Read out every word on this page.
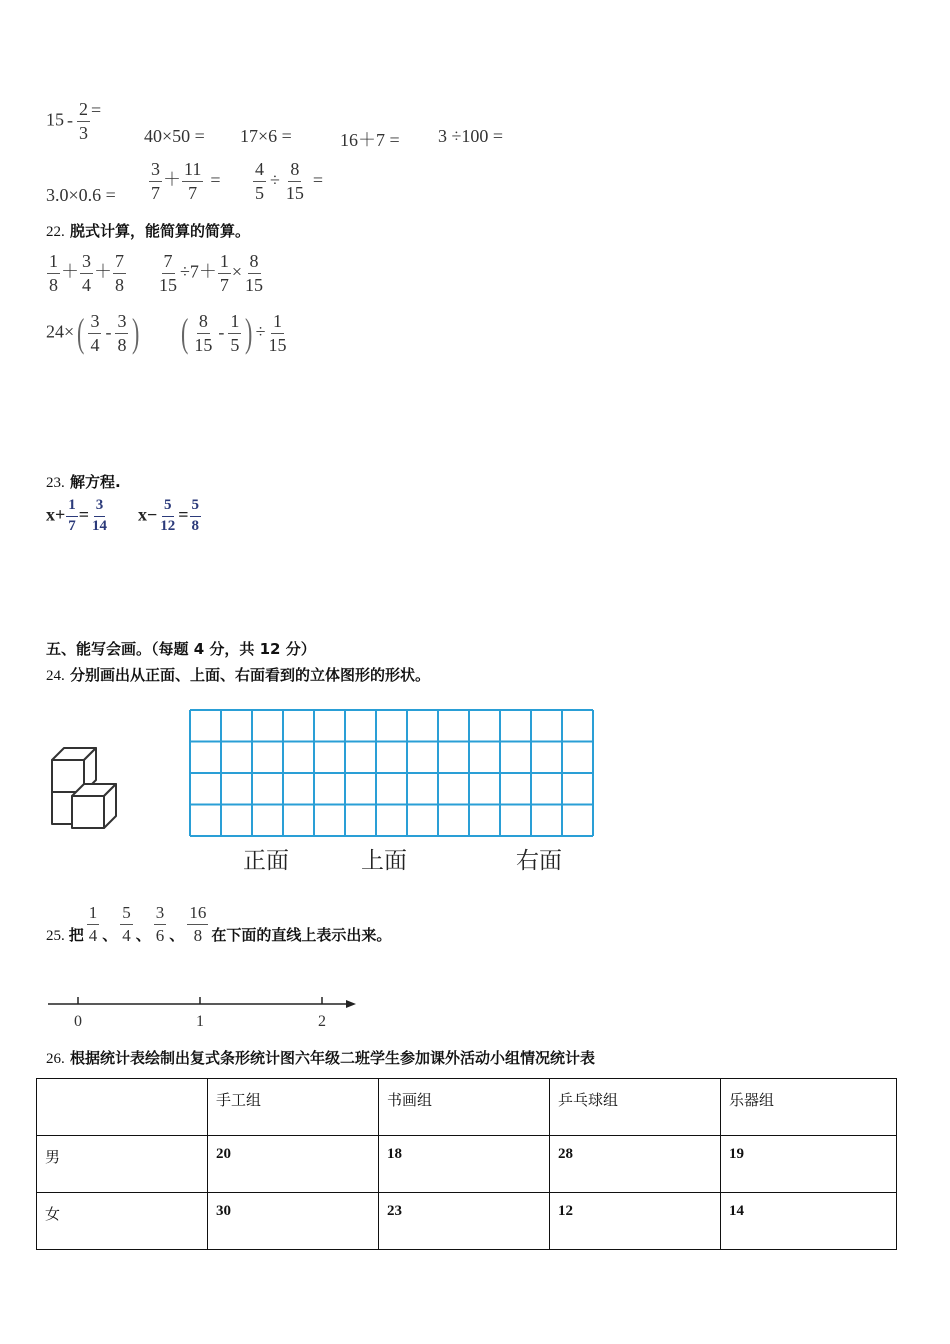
$15 - \frac{2}{3}$ =
40×50 = 17×6 =	16＋7 = 3 ÷100 =
$3.0\times 0.6 = \frac{3}{7} + \frac{11}{7} = \frac{4}{5} \div \frac{8}{15}$ =
22. 脱式计算，能简算的简算。
$\frac{1}{8} + \frac{3}{4} + \frac{7}{8} \frac{7}{15} \div 7+ \frac{1}{7} \times \frac{8}{15}$
$24\times( \frac{3}{4} - \frac{3}{8}$ ) ( $\frac{8}{15} - \frac{1}{5}$ ) ÷ $\frac{1}{15}$
23. 解方程.
$x+ \frac{1}{7} = \frac{3}{14} x- \frac{5}{12} = \frac{5}{8}$
五、能写会画。（每题 4 分，共 12 分）
24. 分别画出从正面、上面、右面看到的立体图形的形状。
正面	上面	右面
25. 把 $\frac{1}{4}$ 、 $\frac{5}{4}$ 、 $\frac{3}{6}$ 、 $\frac{16}{8}$ 在下面的直线上表示出来。
0	1	2
26. 根据统计表绘制出复式条形统计图六年级二班学生参加课外活动小组情况统计表
	手工组	书画组	乒乓球组	乐器组
男	20	18	28	19
女	30	23	12	14
